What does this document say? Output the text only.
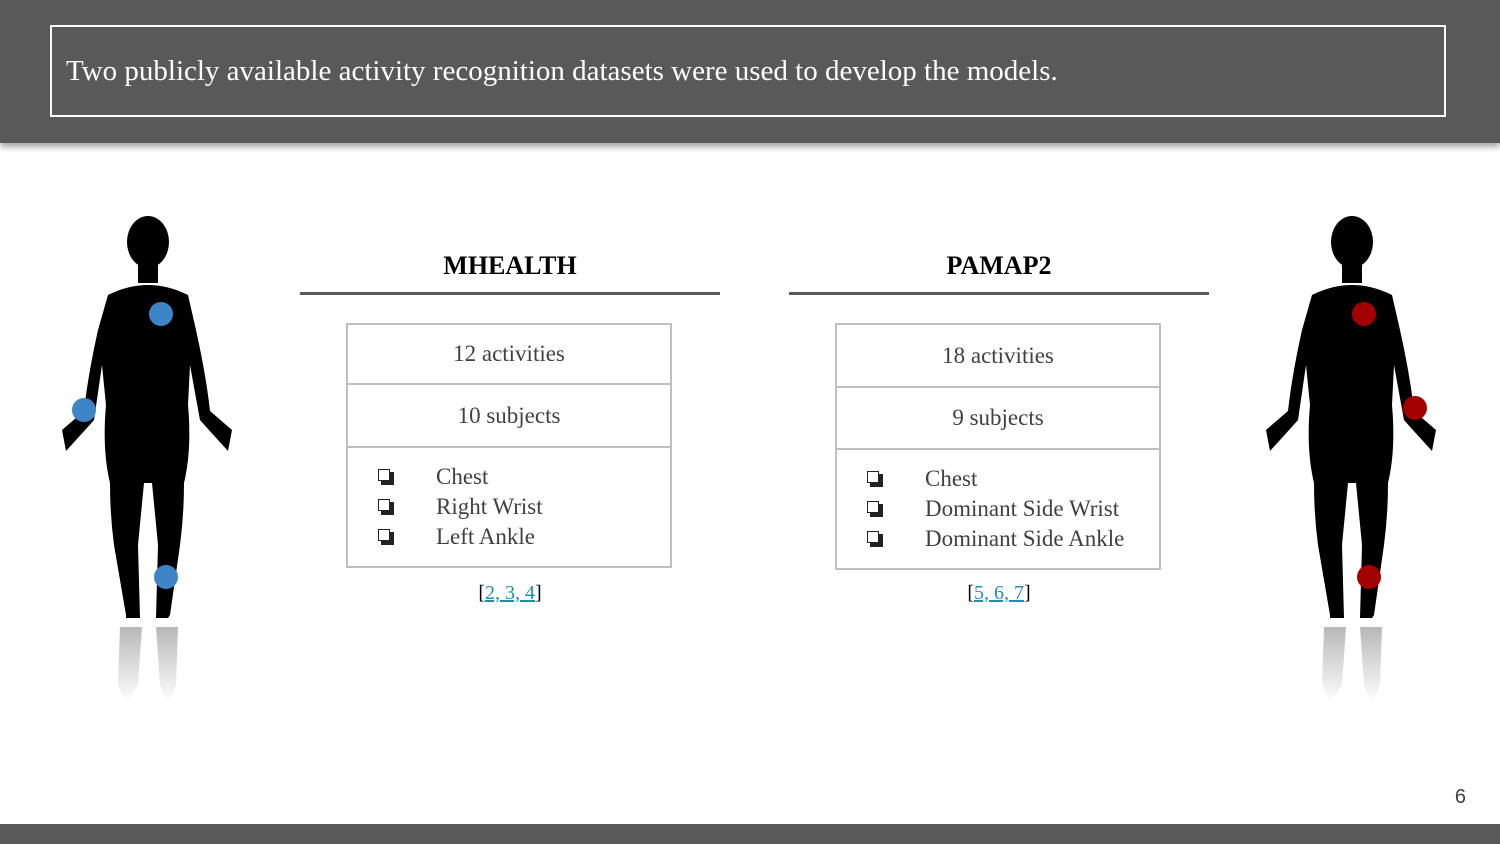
Two publicly available activity recognition datasets were used to develop the models.
MHEALTH
12 activities
10 subjects
Chest
Right Wrist
Left Ankle
[2, 3, 4]
PAMAP2
18 activities
9 subjects
Chest
Dominant Side Wrist
Dominant Side Ankle
[5, 6, 7]
6
